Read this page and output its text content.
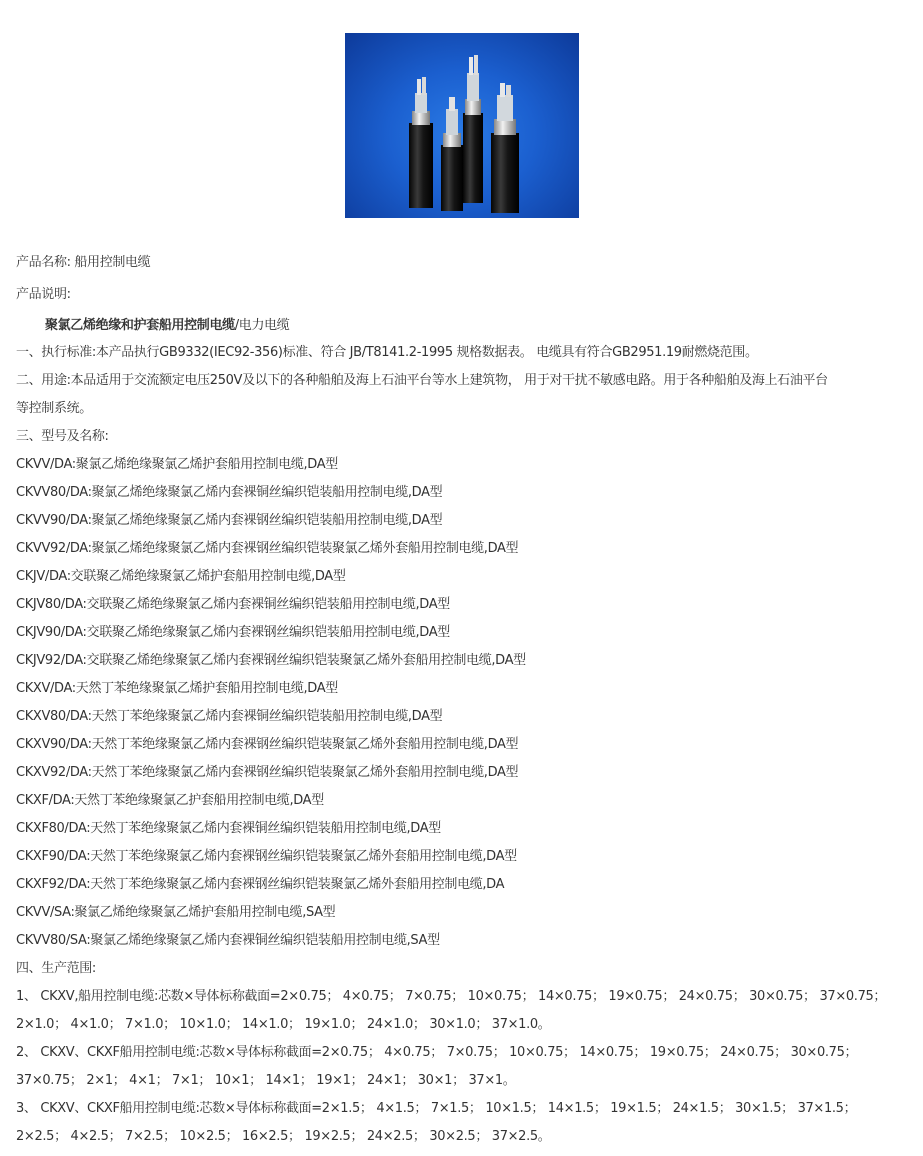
产品名称: 船用控制电缆
产品说明:
聚氯乙烯绝缘和护套船用控制电缆/电力电缆
一、执行标准:本产品执行GB9332(IEC92-356)标准、符合 JB/T8141.2-1995 规格数据表。 电缆具有符合GB2951.19耐燃烧范围。
二、用途:本品适用于交流额定电压250V及以下的各种船舶及海上石油平台等水上建筑物， 用于对干扰不敏感电路。用于各种船舶及海上石油平台
等控制系统。
三、型号及名称:
CKVV/DA:聚氯乙烯绝缘聚氯乙烯护套船用控制电缆,DA型
CKVV80/DA:聚氯乙烯绝缘聚氯乙烯内套裸铜丝编织铠装船用控制电缆,DA型
CKVV90/DA:聚氯乙烯绝缘聚氯乙烯内套裸钢丝编织铠装船用控制电缆,DA型
CKVV92/DA:聚氯乙烯绝缘聚氯乙烯内套裸钢丝编织铠装聚氯乙烯外套船用控制电缆,DA型
CKJV/DA:交联聚乙烯绝缘聚氯乙烯护套船用控制电缆,DA型
CKJV80/DA:交联聚乙烯绝缘聚氯乙烯内套裸铜丝编织铠装船用控制电缆,DA型
CKJV90/DA:交联聚乙烯绝缘聚氯乙烯内套裸钢丝编织铠装船用控制电缆,DA型
CKJV92/DA:交联聚乙烯绝缘聚氯乙烯内套裸钢丝编织铠装聚氯乙烯外套船用控制电缆,DA型
CKXV/DA:天然丁苯绝缘聚氯乙烯护套船用控制电缆,DA型
CKXV80/DA:天然丁苯绝缘聚氯乙烯内套裸铜丝编织铠装船用控制电缆,DA型
CKXV90/DA:天然丁苯绝缘聚氯乙烯内套裸钢丝编织铠装聚氯乙烯外套船用控制电缆,DA型
CKXV92/DA:天然丁苯绝缘聚氯乙烯内套裸钢丝编织铠装聚氯乙烯外套船用控制电缆,DA型
CKXF/DA:天然丁苯绝缘聚氯乙护套船用控制电缆,DA型
CKXF80/DA:天然丁苯绝缘聚氯乙烯内套裸铜丝编织铠装船用控制电缆,DA型
CKXF90/DA:天然丁苯绝缘聚氯乙烯内套裸钢丝编织铠装聚氯乙烯外套船用控制电缆,DA型
CKXF92/DA:天然丁苯绝缘聚氯乙烯内套裸钢丝编织铠装聚氯乙烯外套船用控制电缆,DA
CKVV/SA:聚氯乙烯绝缘聚氯乙烯护套船用控制电缆,SA型
CKVV80/SA:聚氯乙烯绝缘聚氯乙烯内套裸铜丝编织铠装船用控制电缆,SA型
四、生产范围:
1、 CKXV,船用控制电缆:芯数×导体标称截面=2×0.75； 4×0.75； 7×0.75； 10×0.75； 14×0.75； 19×0.75； 24×0.75； 30×0.75； 37×0.75；
2×1.0； 4×1.0； 7×1.0； 10×1.0； 14×1.0； 19×1.0； 24×1.0； 30×1.0； 37×1.0。
2、 CKXV、CKXF船用控制电缆:芯数×导体标称截面=2×0.75； 4×0.75； 7×0.75； 10×0.75； 14×0.75； 19×0.75； 24×0.75； 30×0.75；
37×0.75； 2×1； 4×1； 7×1； 10×1； 14×1； 19×1； 24×1； 30×1； 37×1。
3、 CKXV、CKXF船用控制电缆:芯数×导体标称截面=2×1.5； 4×1.5； 7×1.5； 10×1.5； 14×1.5； 19×1.5； 24×1.5； 30×1.5； 37×1.5；
2×2.5； 4×2.5； 7×2.5； 10×2.5； 16×2.5； 19×2.5； 24×2.5； 30×2.5； 37×2.5。
